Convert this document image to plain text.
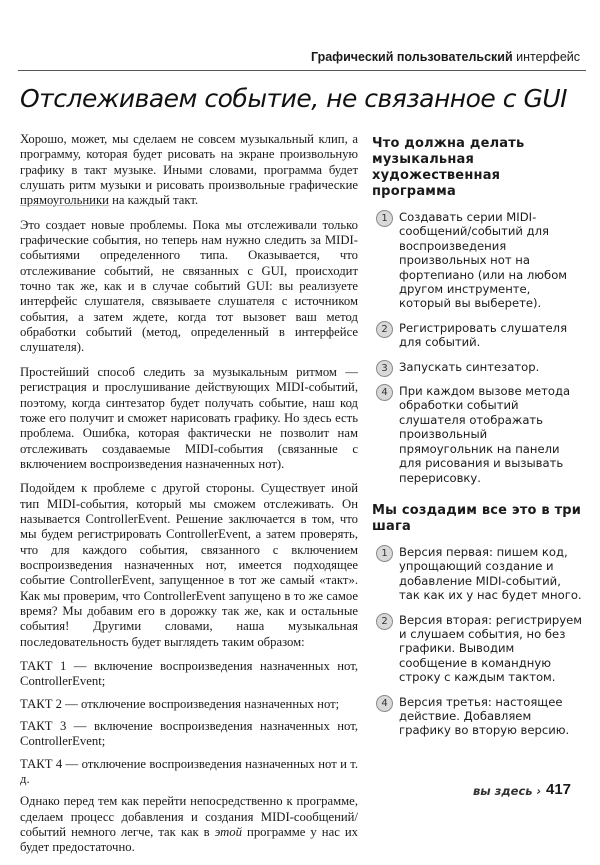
Графический пользовательский интерфейс
Отслеживаем событие, не связанное с GUI

Хорошо, может, мы сделаем не совсем музыкальный клип, а программу, которая будет рисовать на экране произвольную графику в такт музыке. Иными словами, программа будет слушать ритм музыки и рисовать произвольные графические прямоугольники на каждый такт.

Это создает новые проблемы. Пока мы отслеживали только графические события, но теперь нам нужно следить за MIDI-событиями определенного типа. Оказывается, что отслеживание событий, не связанных с GUI, происходит точно так же, как и в случае событий GUI: вы реализуете интерфейс слушателя, связываете слушателя с источником события, а затем ждете, когда тот вызовет ваш метод обработки событий (метод, определенный в интерфейсе слушателя).

Простейший способ следить за музыкальным ритмом — регистрация и прослушивание действующих MIDI-событий, поэтому, когда синтезатор будет получать событие, наш код тоже его получит и сможет нарисовать графику. Но здесь есть проблема. Ошибка, которая фактически не позволит нам отслеживать создаваемые MIDI-события (связанные с включением воспроизведения назначенных нот).

Подойдем к проблеме с другой стороны. Существует иной тип MIDI-события, который мы сможем отслеживать. Он называется ControllerEvent. Решение заключается в том, что мы будем регистрировать ControllerEvent, а затем проверять, что для каждого события, связанного с включением воспроизведения назначенных нот, имеется подходящее событие ControllerEvent, запущенное в тот же самый «такт». Как мы проверим, что ControllerEvent запущено в то же самое время? Мы добавим его в дорожку так же, как и остальные события! Другими словами, наша музыкальная последовательность будет выглядеть таким образом:

ТАКТ 1 — включение воспроизведения назначенных нот, ControllerEvent;

ТАКТ 2 — отключение воспроизведения назначенных нот;

ТАКТ 3 — включение воспроизведения назначенных нот, ControllerEvent;

ТАКТ 4 — отключение воспроизведения назначенных нот и т. д.

Однако перед тем как перейти непосредственно к программе, сделаем процесс добавления и создания MIDI-сообщений/событий немного легче, так как в этой программе у нас их будет предостаточно.

Что должна делать музыкальная художественная программа
1 Создавать серии MIDI-сообщений/событий для воспроизведения произвольных нот на фортепиано (или на любом другом инструменте, который вы выберете).
2 Регистрировать слушателя для событий.
3 Запускать синтезатор.
4 При каждом вызове метода обработки событий слушателя отображать произвольный прямоугольник на панели для рисования и вызывать перерисовку.
Мы создадим все это в три шага
1 Версия первая: пишем код, упрощающий создание и добавление MIDI-событий, так как их у нас будет много.
2 Версия вторая: регистрируем и слушаем события, но без графики. Выводим сообщение в командную строку с каждым тактом.
4 Версия третья: настоящее действие. Добавляем графику во вторую версию.
вы здесь › 417
